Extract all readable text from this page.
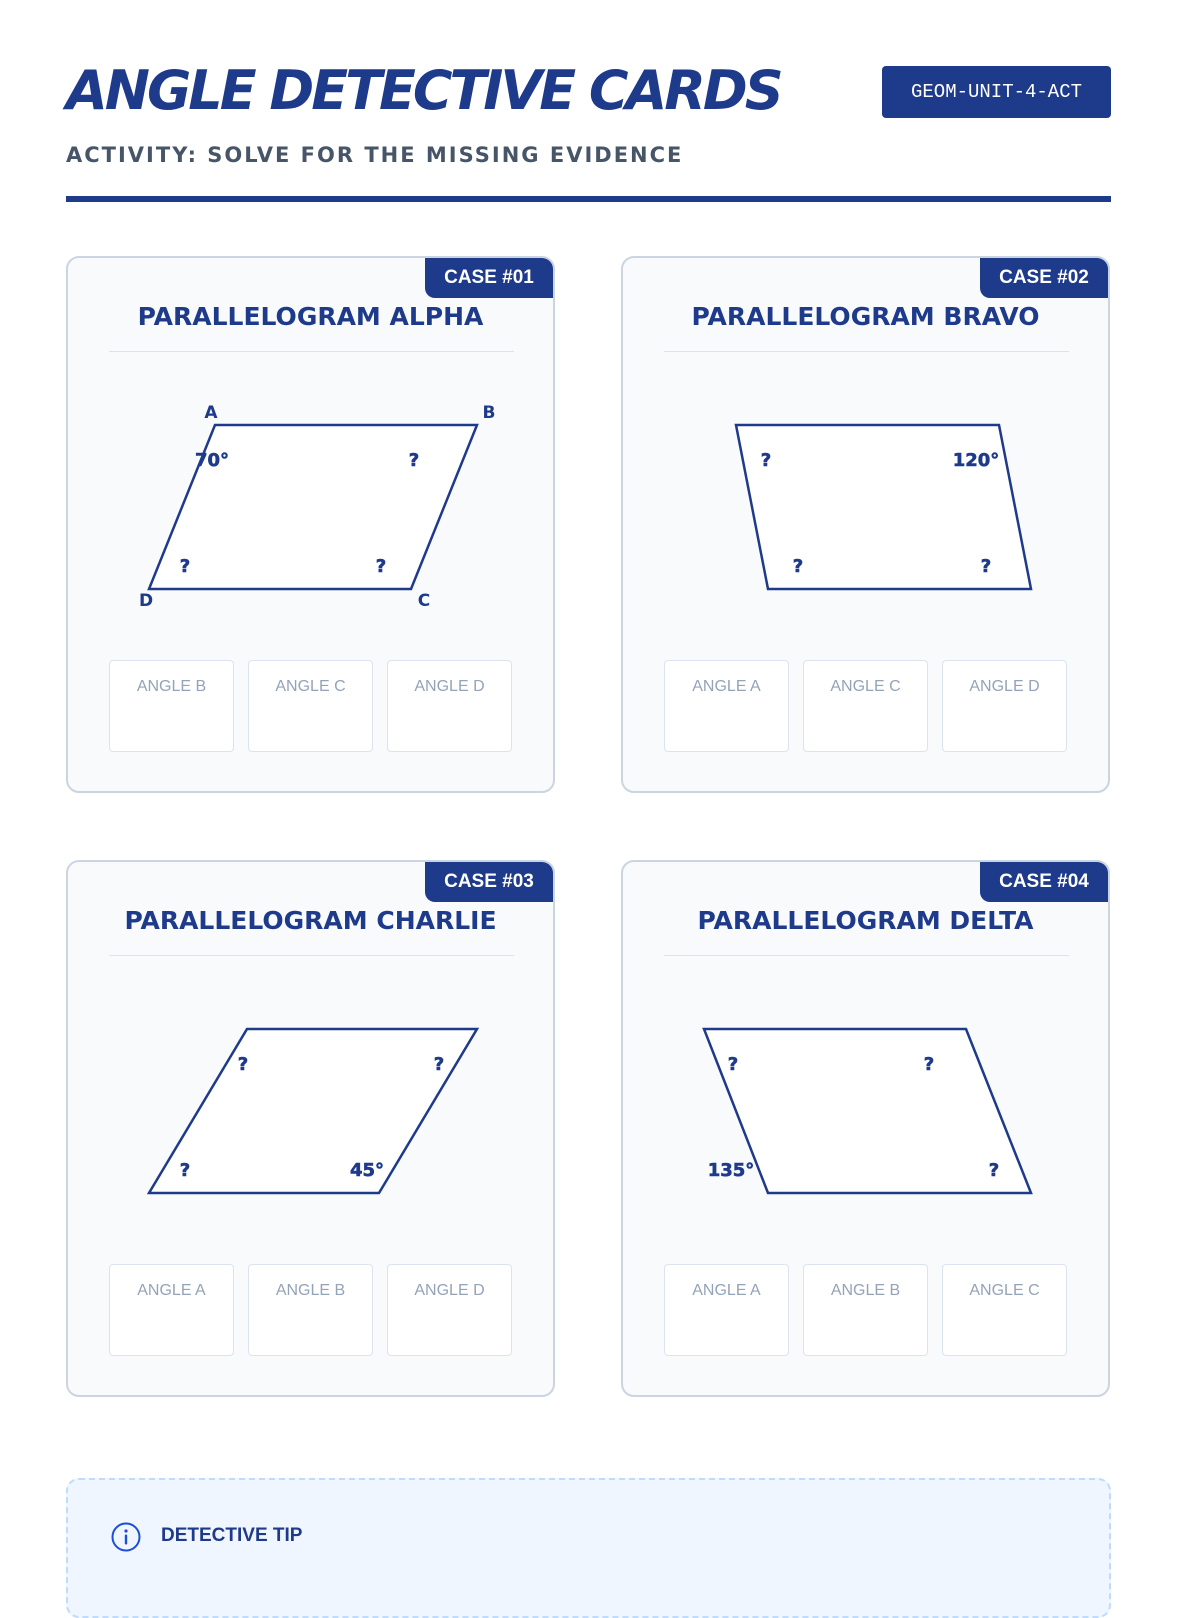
ANGLE DETECTIVE CARDS
ACTIVITY: SOLVE FOR THE MISSING EVIDENCE
GEOM-UNIT-4-ACT
CASE #01
PARALLELOGRAM ALPHA
A	B
C
D
70°	?
?
?
ANGLE B	ANGLE C	ANGLE D
CASE #02
PARALLELOGRAM BRAVO
?	120°
?
?
ANGLE A	ANGLE C	ANGLE D
CASE #03
PARALLELOGRAM CHARLIE
?	?
45°
?
ANGLE A	ANGLE B	ANGLE D
CASE #04
PARALLELOGRAM DELTA
?	?
?
135°
ANGLE A	ANGLE B	ANGLE C
DETECTIVE TIP
